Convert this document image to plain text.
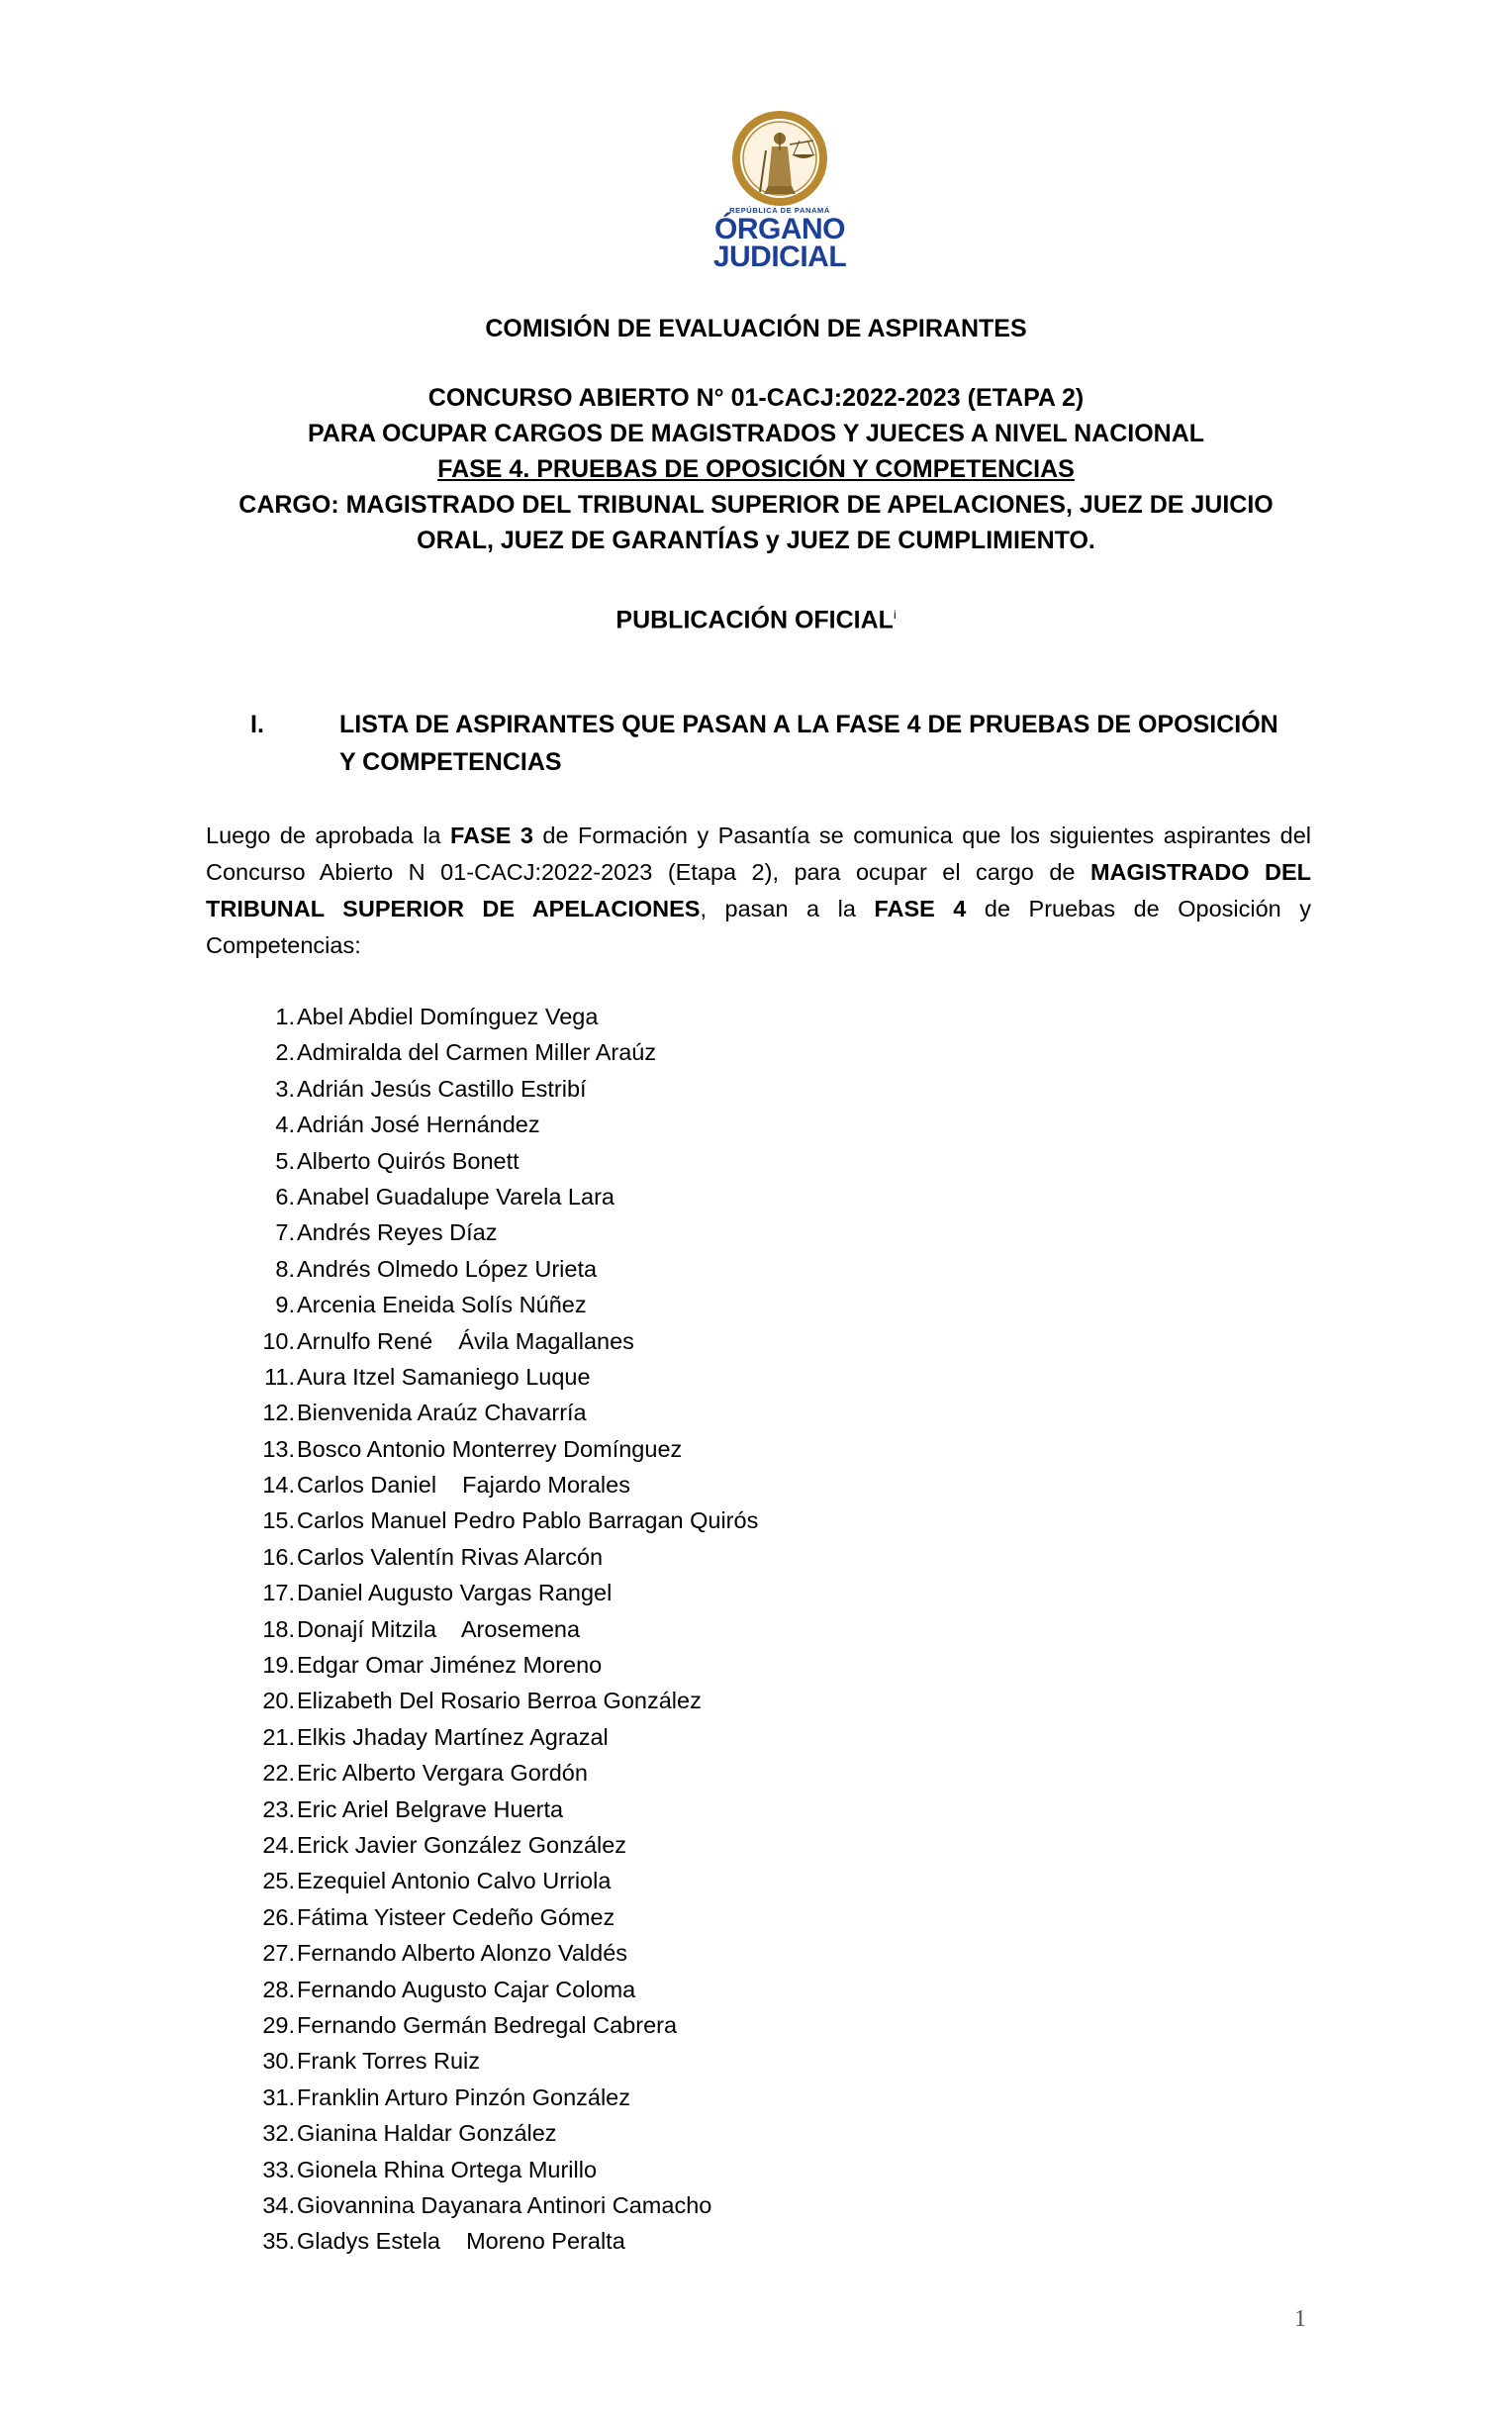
REPÚBLICA DE PANAMÁ
ÓRGANO
JUDICIAL
COMISIÓN DE EVALUACIÓN DE ASPIRANTES
CONCURSO ABIERTO N° 01-CACJ:2022-2023 (ETAPA 2)
PARA OCUPAR CARGOS DE MAGISTRADOS Y JUECES A NIVEL NACIONAL
FASE 4. PRUEBAS DE OPOSICIÓN Y COMPETENCIAS
CARGO: MAGISTRADO DEL TRIBUNAL SUPERIOR DE APELACIONES, JUEZ DE JUICIO
ORAL, JUEZ DE GARANTÍAS y JUEZ DE CUMPLIMIENTO.
PUBLICACIÓN OFICIAL$^i$
I.	LISTA DE ASPIRANTES QUE PASAN A LA FASE 4 DE PRUEBAS DE OPOSICIÓN
Y COMPETENCIAS
Luego de aprobada la FASE 3 de Formación y Pasantía se comunica que los siguientes aspirantes del Concurso Abierto N 01-CACJ:2022-2023 (Etapa 2), para ocupar el cargo de MAGISTRADO DEL TRIBUNAL SUPERIOR DE APELACIONES, pasan a la FASE 4 de Pruebas de Oposición y Competencias:
1. Abel Abdiel Domínguez Vega
2. Admiralda del Carmen Miller Araúz
3. Adrián Jesús Castillo Estribí
4. Adrián José Hernández
5. Alberto Quirós Bonett
6. Anabel Guadalupe Varela Lara
7. Andrés Reyes Díaz
8. Andrés Olmedo López Urieta
9. Arcenia Eneida Solís Núñez
10. Arnulfo René    Ávila Magallanes
11. Aura Itzel Samaniego Luque
12. Bienvenida Araúz Chavarría
13. Bosco Antonio Monterrey Domínguez
14. Carlos Daniel    Fajardo Morales
15. Carlos Manuel Pedro Pablo Barragan Quirós
16. Carlos Valentín Rivas Alarcón
17. Daniel Augusto Vargas Rangel
18. Donají Mitzila    Arosemena
19. Edgar Omar Jiménez Moreno
20. Elizabeth Del Rosario Berroa González
21. Elkis Jhaday Martínez Agrazal
22. Eric Alberto Vergara Gordón
23. Eric Ariel Belgrave Huerta
24. Erick Javier González González
25. Ezequiel Antonio Calvo Urriola
26. Fátima Yisteer Cedeño Gómez
27. Fernando Alberto Alonzo Valdés
28. Fernando Augusto Cajar Coloma
29. Fernando Germán Bedregal Cabrera
30. Frank Torres Ruiz
31. Franklin Arturo Pinzón González
32. Gianina Haldar González
33. Gionela Rhina Ortega Murillo
34. Giovannina Dayanara Antinori Camacho
35. Gladys Estela    Moreno Peralta
1
